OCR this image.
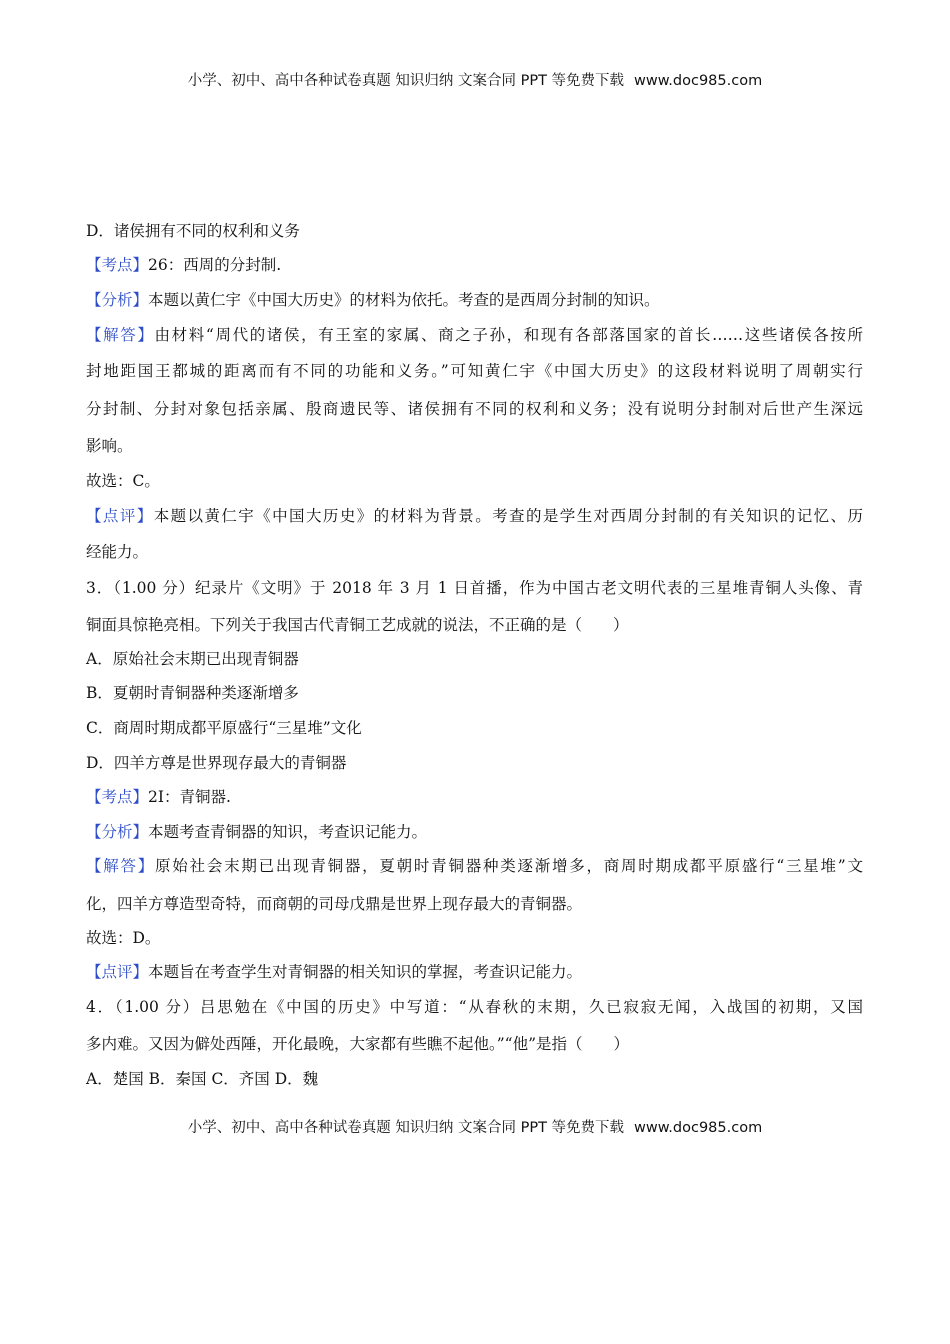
小学、初中、高中各种试卷真题 知识归纳 文案合同 PPT 等免费下载 www.doc985.com
D．诸侯拥有不同的权利和义务
【考点】26：西周的分封制.
【分析】本题以黄仁宇《中国大历史》的材料为依托。考查的是西周分封制的知识。
【解答】由材料“周代的诸侯，有王室的家属、商之子孙，和现有各部落国家的首长……这些诸侯各按所
封地距国王都城的距离而有不同的功能和义务。”可知黄仁宇《中国大历史》的这段材料说明了周朝实行
分封制、分封对象包括亲属、殷商遗民等、诸侯拥有不同的权利和义务；没有说明分封制对后世产生深远
影响。
故选：C。
【点评】本题以黄仁宇《中国大历史》的材料为背景。考查的是学生对西周分封制的有关知识的记忆、历
经能力。
3．（1.00 分）纪录片《文明》于 2018 年 3 月 1 日首播，作为中国古老文明代表的三星堆青铜人头像、青
铜面具惊艳亮相。下列关于我国古代青铜工艺成就的说法，不正确的是（　　）
A．原始社会末期已出现青铜器
B．夏朝时青铜器种类逐渐增多
C．商周时期成都平原盛行“三星堆”文化
D．四羊方尊是世界现存最大的青铜器
【考点】2I：青铜器.
【分析】本题考查青铜器的知识，考查识记能力。
【解答】原始社会末期已出现青铜器，夏朝时青铜器种类逐渐增多，商周时期成都平原盛行“三星堆”文
化，四羊方尊造型奇特，而商朝的司母戊鼎是世界上现存最大的青铜器。
故选：D。
【点评】本题旨在考查学生对青铜器的相关知识的掌握，考查识记能力。
4．（1.00 分）吕思勉在《中国的历史》中写道：“从春秋的末期，久已寂寂无闻，入战国的初期，又国
多内难。又因为僻处西陲，开化最晚，大家都有些瞧不起他。”“他”是指（　　）
A．楚国 B．秦国 C．齐国 D．魏
小学、初中、高中各种试卷真题 知识归纳 文案合同 PPT 等免费下载 www.doc985.com
